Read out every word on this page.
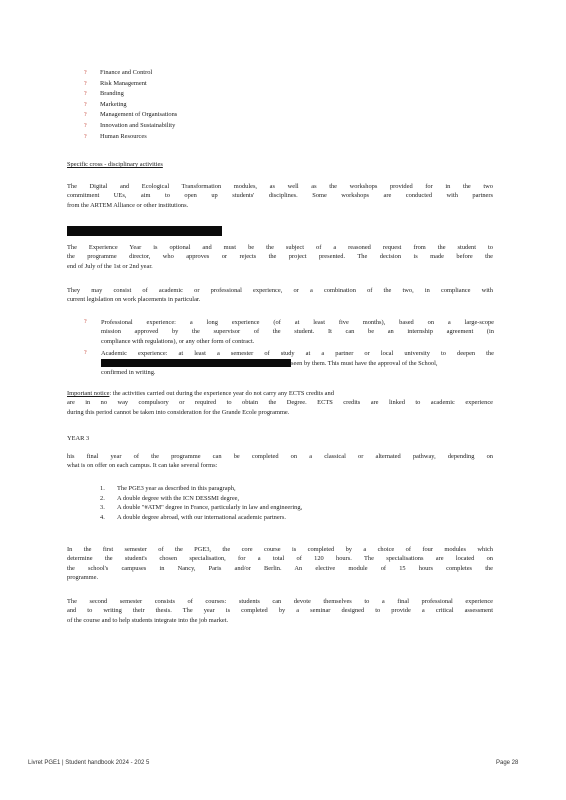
? Finance and Control
? Risk Management
? Branding
? Marketing
? Management of Organisations
? Innovation and Sustainability
? Human Resources
Specific cross - disciplinary activities
The Digital and Ecological Transformation modules, as well as the workshops provided for in the two
commitment UEs, aim to open up students' disciplines. Some workshops are conducted with partners
from the ARTEM Alliance or other institutions.
The Experience Year is optional and must be the subject of a reasoned request from the student to
the programme director, who approves or rejects the project presented. The decision is made before the
end of July of the 1st or 2nd year.
They may consist of academic or professional experience, or a combination of the two, in compliance with
current legislation on work placements in particular.
? Professional experience: a long experience (of at least five months), based on a large-scope
mission approved by the supervisor of the student. It can be an internship agreement (in
compliance with regulations), or any other form of contract.
? Academic experience: at least a semester of study at a partner or local university to deepen the
seen by them. This must have the approval of the School,
confirmed in writing.
Important notice: the activities carried out during the experience year do not carry any ECTS credits and
are in no way compulsory or required to obtain the Degree. ECTS credits are linked to academic experience
during this period cannot be taken into consideration for the Grande Ecole programme.
YEAR 3
his final year of the programme can be completed on a classical or alternated pathway, depending on
what is on offer on each campus. It can take several forms:
1. The PGE3 year as described in this paragraph,
2. A double degree with the ICN DESSMI degree,
3. A double "#ATM" degree in France, particularly in law and engineering,
4. A double degree abroad, with our international academic partners.
In the first semester of the PGE3, the core course is completed by a choice of four modules which
determine the student's chosen specialisation, for a total of 120 hours. The specialisations are located on
the school's campuses in Nancy, Paris and/or Berlin. An elective module of 15 hours completes the
programme.
The second semester consists of courses: students can devote themselves to a final professional experience
and to writing their thesis. The year is completed by a seminar designed to provide a critical assessment
of the course and to help students integrate into the job market.
Livret PGE1 | Student handbook 2024 - 202 5	Page 28
